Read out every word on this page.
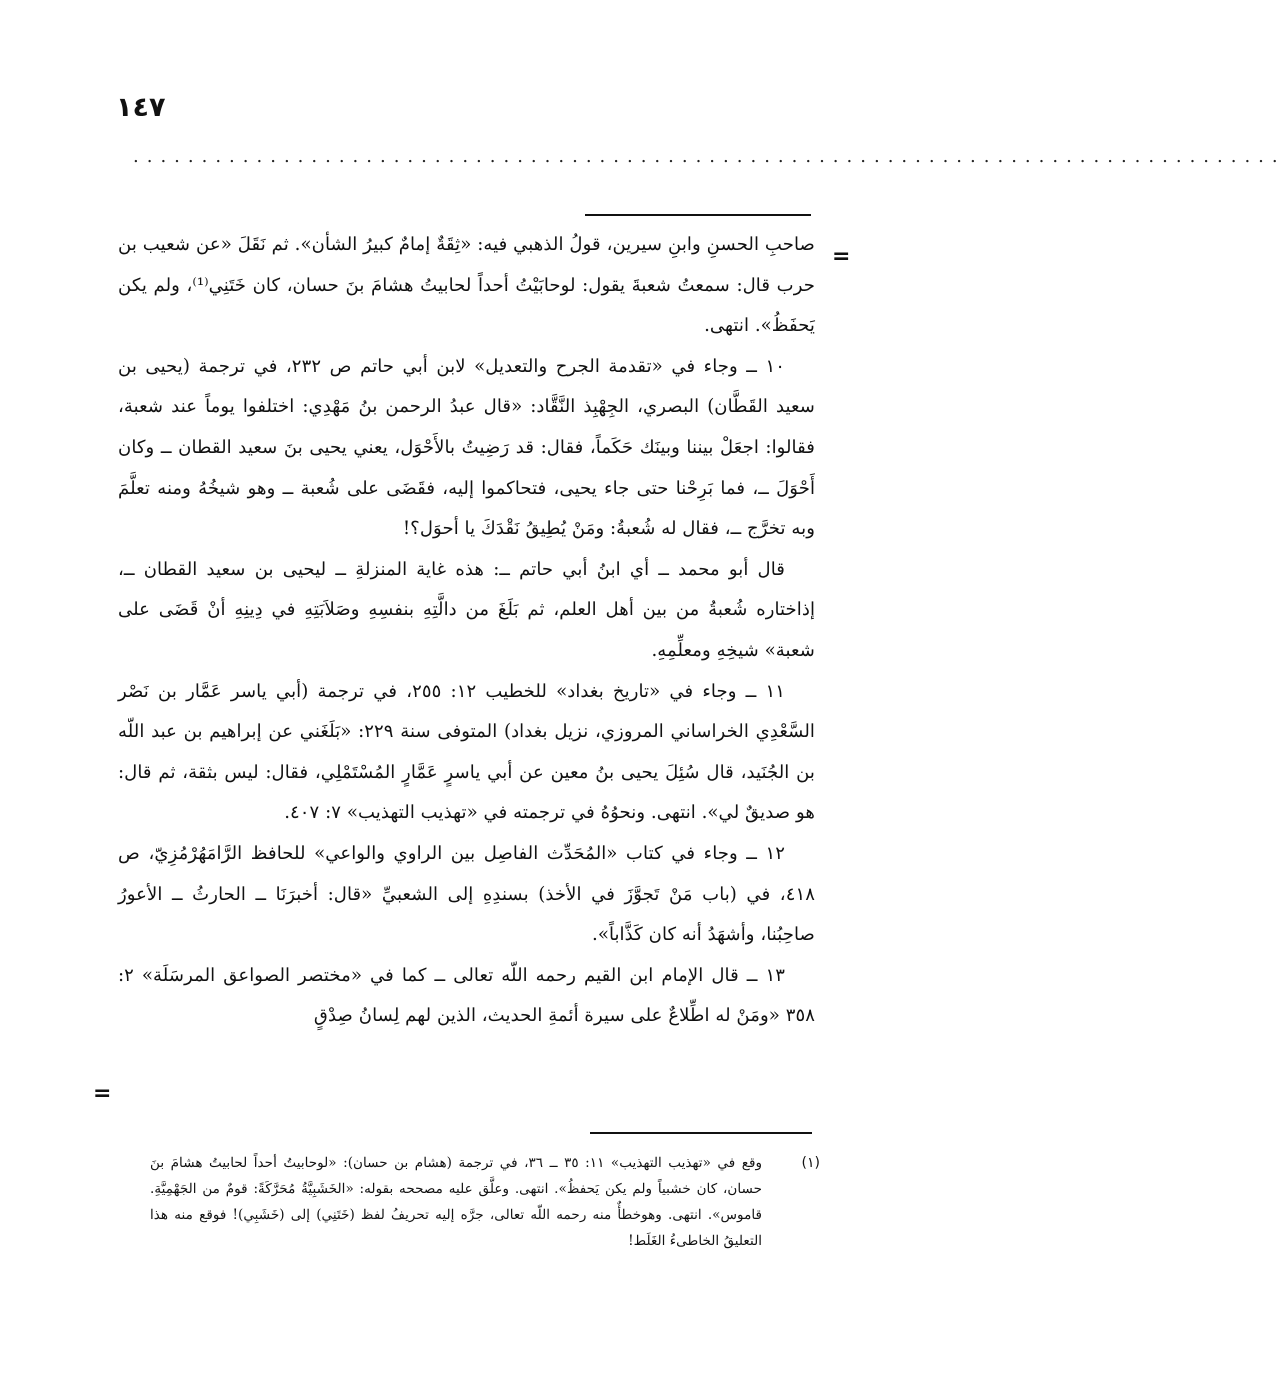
١٤٧
....................................................................................
=
=

صاحبِ الحسنِ وابنِ سيرين، قولُ الذهبي فيه: «ثِقَةٌ إمامٌ كبيرُ الشأن». ثم نَقَلَ «عن شعيب بن حرب قال: سمعتُ شعبةَ يقول: لوحابَيْتُ أحداً لحابيتُ هشامَ بنَ حسان، كان خَتَنِي⁽¹⁾، ولم يكن يَحفَظُ». انتهى.

١٠ ــ وجاء في «تقدمة الجرح والتعديل» لابن أبي حاتم ص ٢٣٢، في ترجمة (يحيى بن سعيد القَطَّان) البصري، الجِهْبِذ النَّقَّاد: «قال عبدُ الرحمن بنُ مَهْدِي: اختلفوا يوماً عند شعبة، فقالوا: اجعَلْ بيننا وبينَك حَكَماً، فقال: قد رَضِيتُ بالأَحْوَل، يعني يحيى بنَ سعيد القطان ــ وكان أَحْوَلَ ــ، فما بَرِحْنا حتى جاء يحيى، فتحاكموا إليه، فقَضَى على شُعبة ــ وهو شيخُهُ ومنه تعلَّمَ وبه تخرَّج ــ، فقال له شُعبةُ: ومَنْ يُطِيقُ نَقْدَكَ يا أحوَل؟!

قال أبو محمد ــ أي ابنُ أبي حاتم ــ: هذه غاية المنزلةِ ــ ليحيى بن سعيد القطان ــ، إذاختاره شُعبةُ من بين أهل العلم، ثم بَلَغَ من دالَّتِهِ بنفسِهِ وصَلاَبَتِهِ في دِينِهِ أنْ قَضَى على شعبة» شيخِهِ ومعلِّمِهِ.

١١ ــ وجاء في «تاريخ بغداد» للخطيب ١٢: ٢٥٥، في ترجمة (أبي ياسر عَمَّار بن نَصْر السَّعْدِي الخراساني المروزي، نزيل بغداد) المتوفى سنة ٢٢٩: «بَلَغَني عن إبراهيم بن عبد اللّه بن الجُنَيد، قال سُئِلَ يحيى بنُ معين عن أبي ياسرٍ عَمَّارٍ المُسْتَمْلِي، فقال: ليس بثقة، ثم قال: هو صديقٌ لي». انتهى. ونحوُهُ في ترجمته في «تهذيب التهذيب» ٧: ٤٠٧.

١٢ ــ وجاء في كتاب «المُحَدِّث الفاصِل بين الراوي والواعي» للحافظ الرَّامَهُرْمُزِيّ، ص ٤١٨، في (باب مَنْ تَجوَّزَ في الأخذ) بسندِهِ إلى الشعبيِّ «قال: أخبرَنَا ــ الحارثُ ــ الأعورُ صاحِبُنا، وأشهَدُ أنه كان كَذَّاباً».

١٣ ــ قال الإمام ابن القيم رحمه اللّه تعالى ــ كما في «مختصر الصواعق المرسَلَة» ٢: ٣٥٨ «ومَنْ له اطِّلاعٌ على سيرة أئمةِ الحديث، الذين لهم لِسانُ صِدْقٍ

(١)
وقع في «تهذيب التهذيب» ١١: ٣٥ ــ ٣٦، في ترجمة (هشام بن حسان): «لوحابيتُ أحداً لحابيتُ هشامَ بنَ حسان، كان خشبياً ولم يكن يَحفظُ». انتهى. وعلَّق عليه مصححه بقوله: «الخَشَبِيَّةُ مُحَرَّكَةً: قومٌ من الجَهْمِيَّةِ. قاموس». انتهى. وهوخطأٌ منه رحمه اللّه تعالى، جرَّه إليه تحريفُ لفظ (خَتَنِي) إلى (خَشَبِي)! فوقع منه هذا التعليقُ الخاطىءُ الغَلَط!
